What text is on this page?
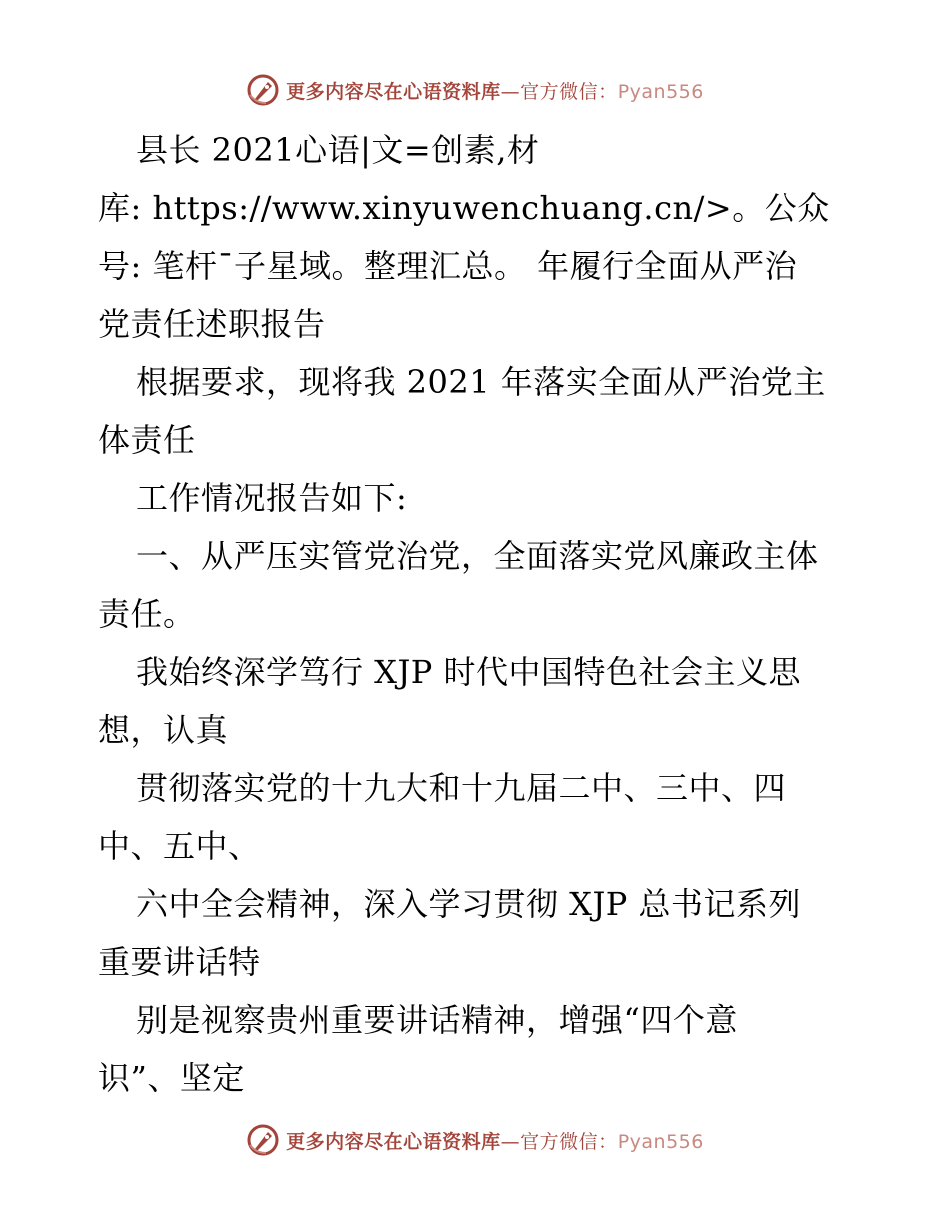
更多内容尽在心语资料库—官方微信：Pyan556
县长 2021心语|文=创素,材
库: https://www.xinyuwenchuang.cn/>。公众
号: 笔杆¯子星域。整理汇总。 年履行全面从严治
党责任述职报告
根据要求，现将我 2021 年落实全面从严治党主
体责任
工作情况报告如下:
一、从严压实管党治党，全面落实党风廉政主体
责任。
我始终深学笃行 XJP 时代中国特色社会主义思
想，认真
贯彻落实党的十九大和十九届二中、三中、四
中、五中、
六中全会精神，深入学习贯彻 XJP 总书记系列
重要讲话特
别是视察贵州重要讲话精神，增强“四个意
识”、坚定
更多内容尽在心语资料库—官方微信：Pyan556
